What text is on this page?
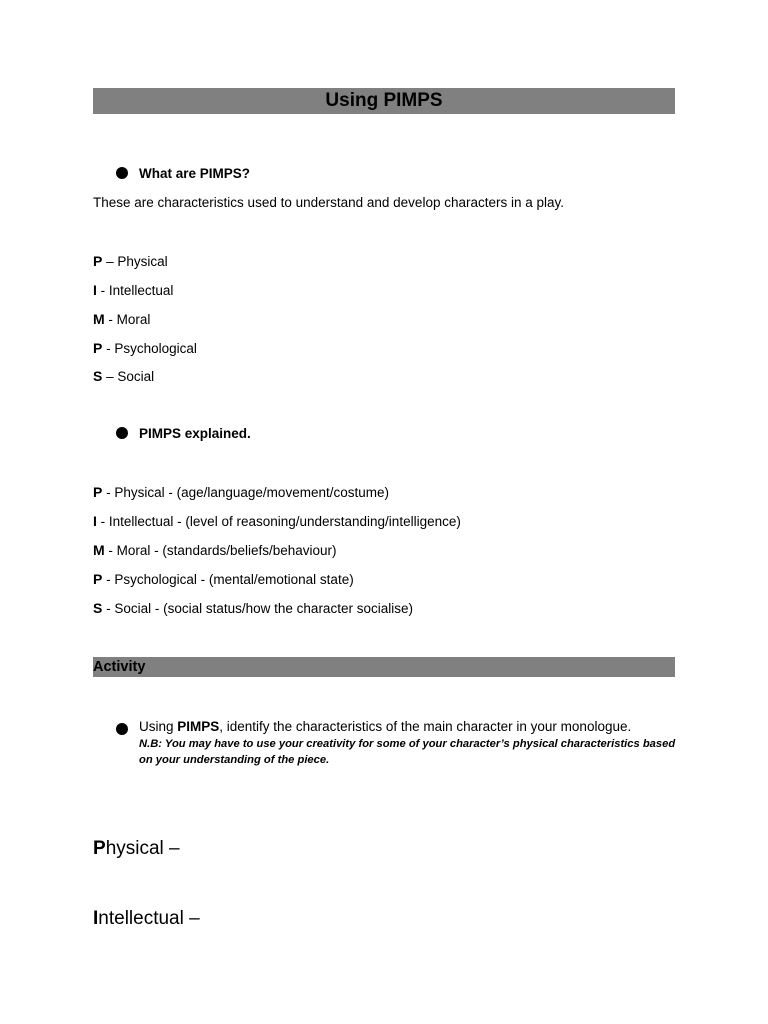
Using PIMPS
What are PIMPS?
These are characteristics used to understand and develop characters in a play.
P – Physical
I - Intellectual
M - Moral
P - Psychological
S – Social
PIMPS explained.
P - Physical - (age/language/movement/costume)
I - Intellectual - (level of reasoning/understanding/intelligence)
M - Moral - (standards/beliefs/behaviour)
P - Psychological - (mental/emotional state)
S - Social - (social status/how the character socialise)
Activity
Using PIMPS, identify the characteristics of the main character in your monologue.
N.B: You may have to use your creativity for some of your character’s physical characteristics based on your understanding of the piece.
Physical –
Intellectual –
